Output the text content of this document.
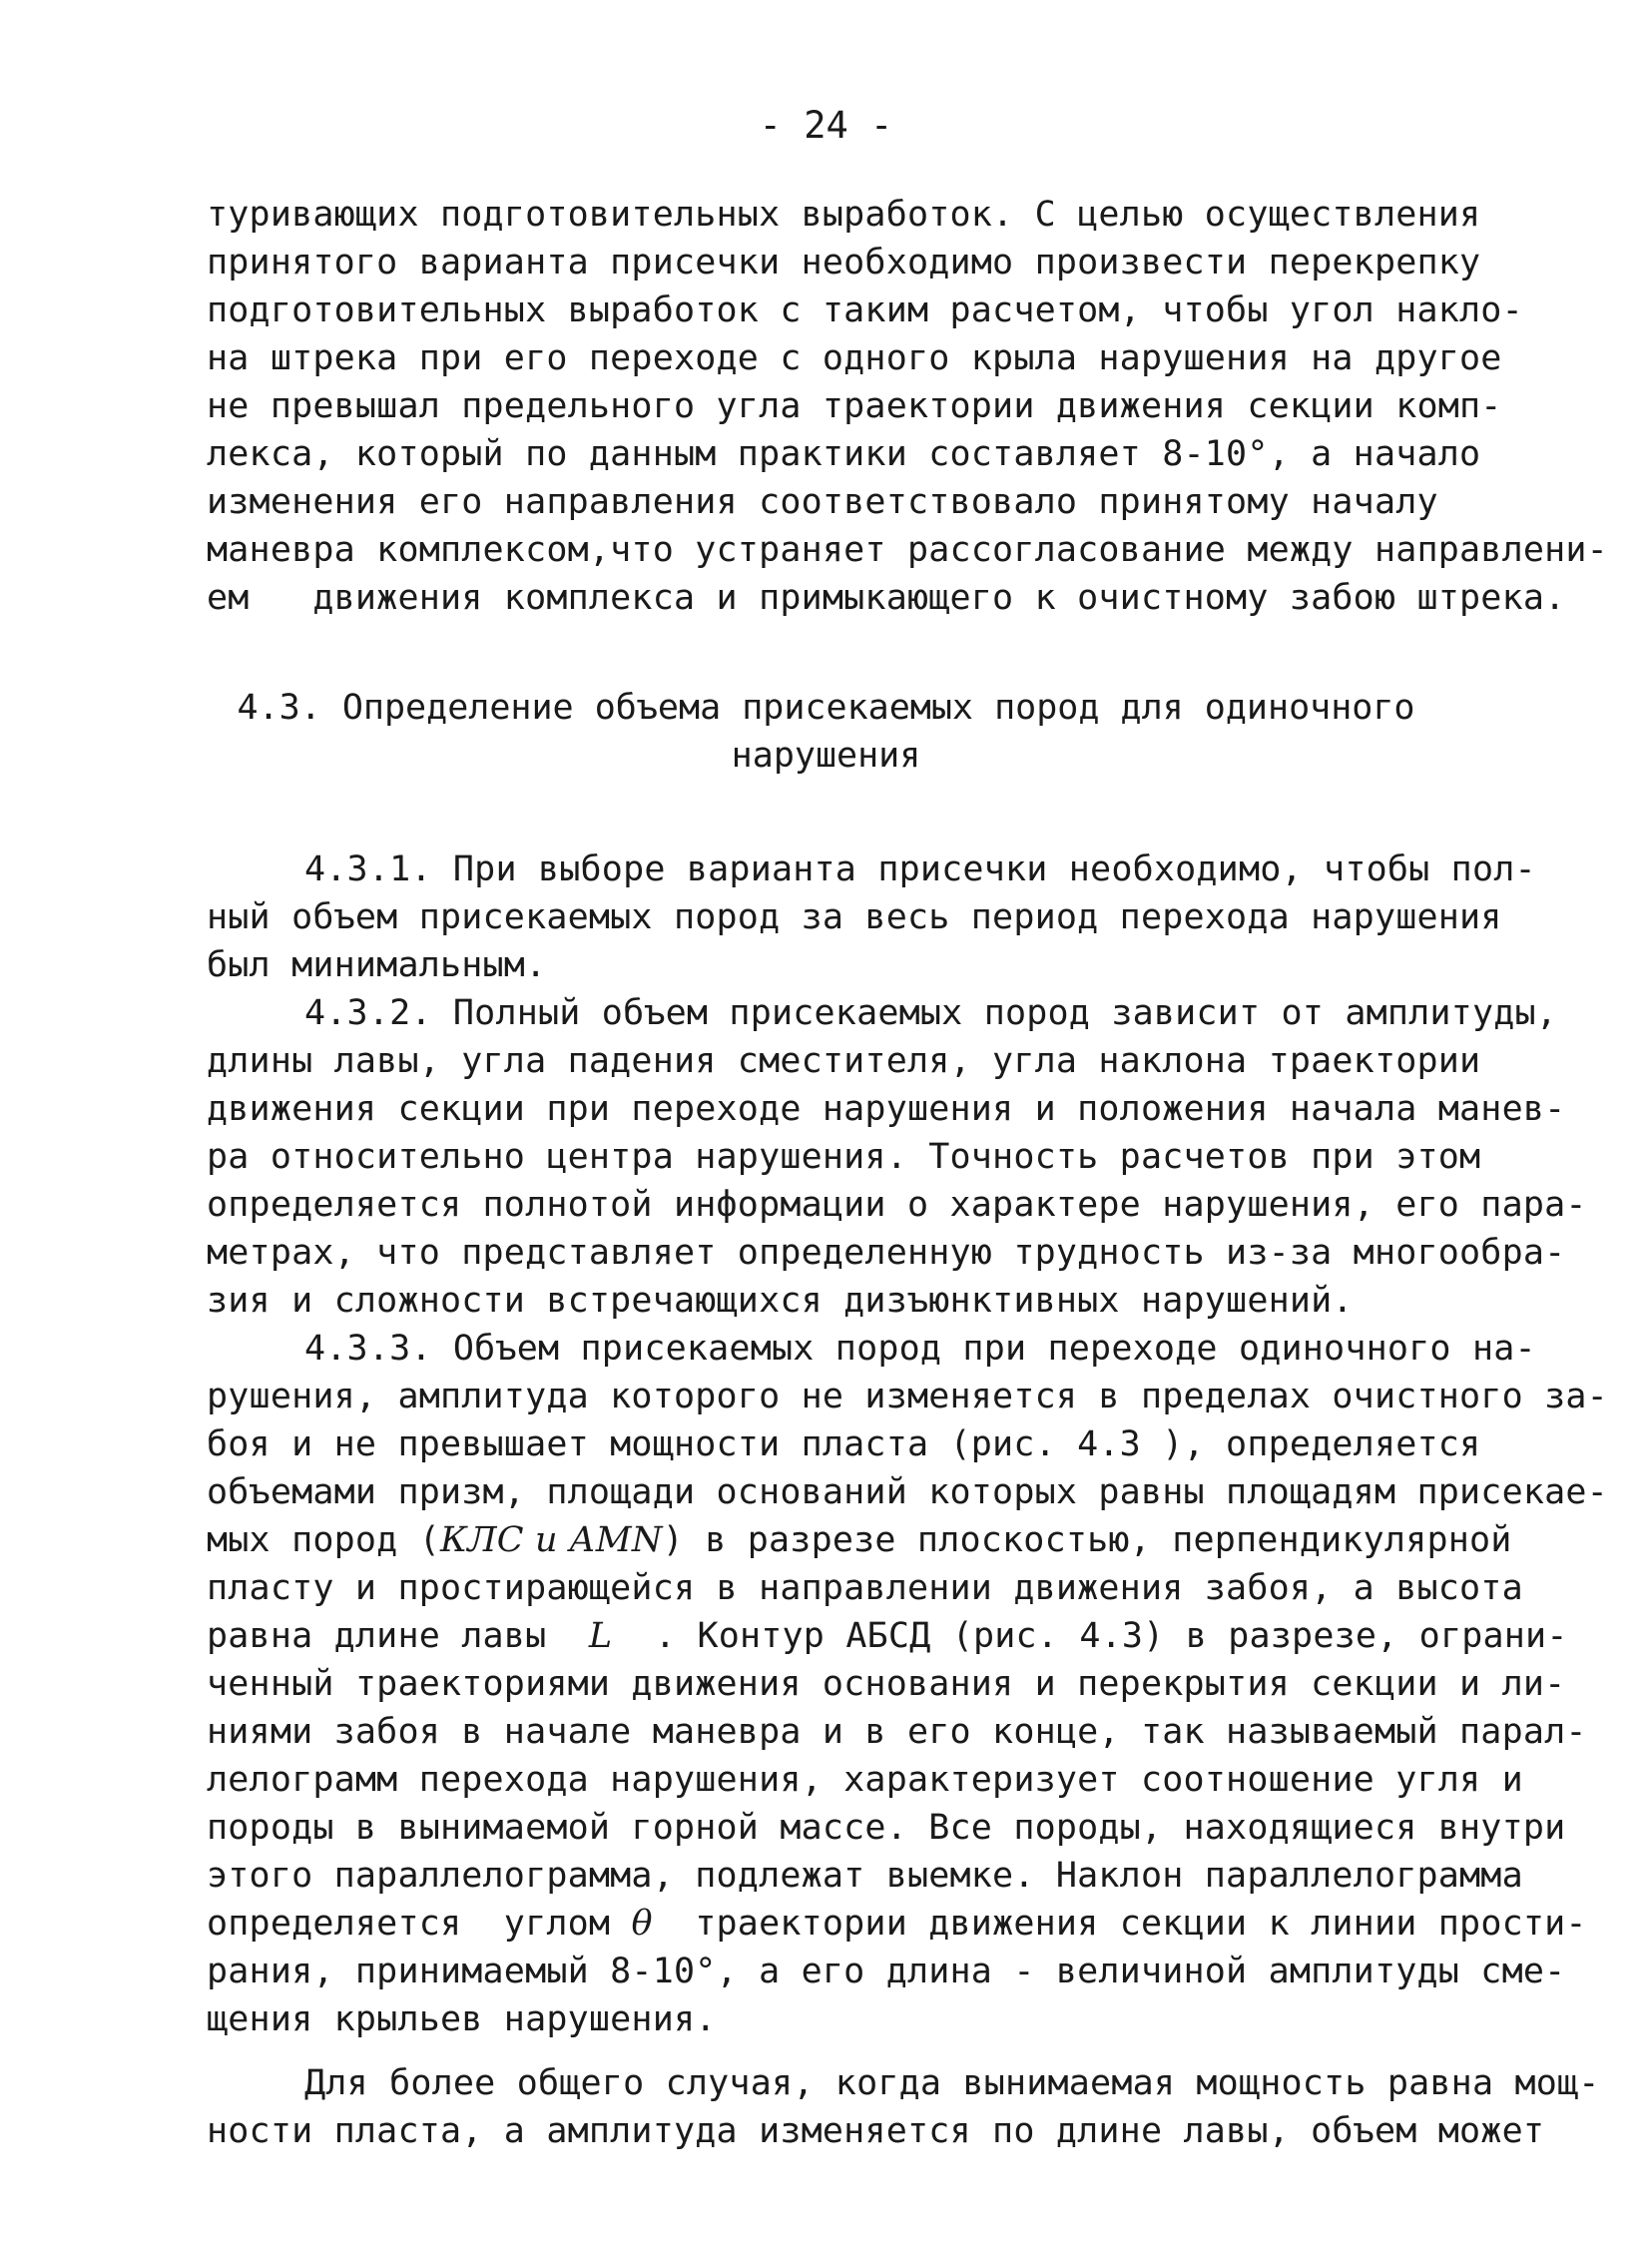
- 24 -
туривающих подготовительных выработок. С целью осуществления
принятого варианта присечки необходимо произвести перекрепку
подготовительных выработок с таким расчетом, чтобы угол накло-
на штрека при его переходе с одного крыла нарушения на другое
не превышал предельного угла траектории движения секции комп-
лекса, который по данным практики составляет 8-10°, а начало
изменения его направления соответствовало принятому началу
маневра комплексом,что устраняет рассогласование между направлени-
ем   движения комплекса и примыкающего к очистному забою штрека.
4.3. Определение объема присекаемых пород для одиночного
нарушения
4.3.1. При выборе варианта присечки необходимо, чтобы пол-
ный объем присекаемых пород за весь период перехода нарушения
был минимальным.
4.3.2. Полный объем присекаемых пород зависит от амплитуды,
длины лавы, угла падения сместителя, угла наклона траектории
движения секции при переходе нарушения и положения начала манев-
ра относительно центра нарушения. Точность расчетов при этом
определяется полнотой информации о характере нарушения, его пара-
метрах, что представляет определенную трудность из-за многообра-
зия и сложности встречающихся дизъюнктивных нарушений.
4.3.3. Объем присекаемых пород при переходе одиночного на-
рушения, амплитуда которого не изменяется в пределах очистного за-
боя и не превышает мощности пласта (рис. 4.3 ), определяется
объемами призм, площади оснований которых равны площадям присекае-
мых пород (КЛС и АMN) в разрезе плоскостью, перпендикулярной
пласту и простирающейся в направлении движения забоя, а высота
равна длине лавы  L  . Контур АБСД (рис. 4.3) в разрезе, ограни-
ченный траекториями движения основания и перекрытия секции и ли-
ниями забоя в начале маневра и в его конце, так называемый парал-
лелограмм перехода нарушения, характеризует соотношение угля и
породы в вынимаемой горной массе. Все породы, находящиеся внутри
этого параллелограмма, подлежат выемке. Наклон параллелограмма
определяется  углом θ  траектории движения секции к линии прости-
рания, принимаемый 8-10°, а его длина - величиной амплитуды сме-
щения крыльев нарушения.
Для более общего случая, когда вынимаемая мощность равна мощ-
ности пласта, а амплитуда изменяется по длине лавы, объем может
